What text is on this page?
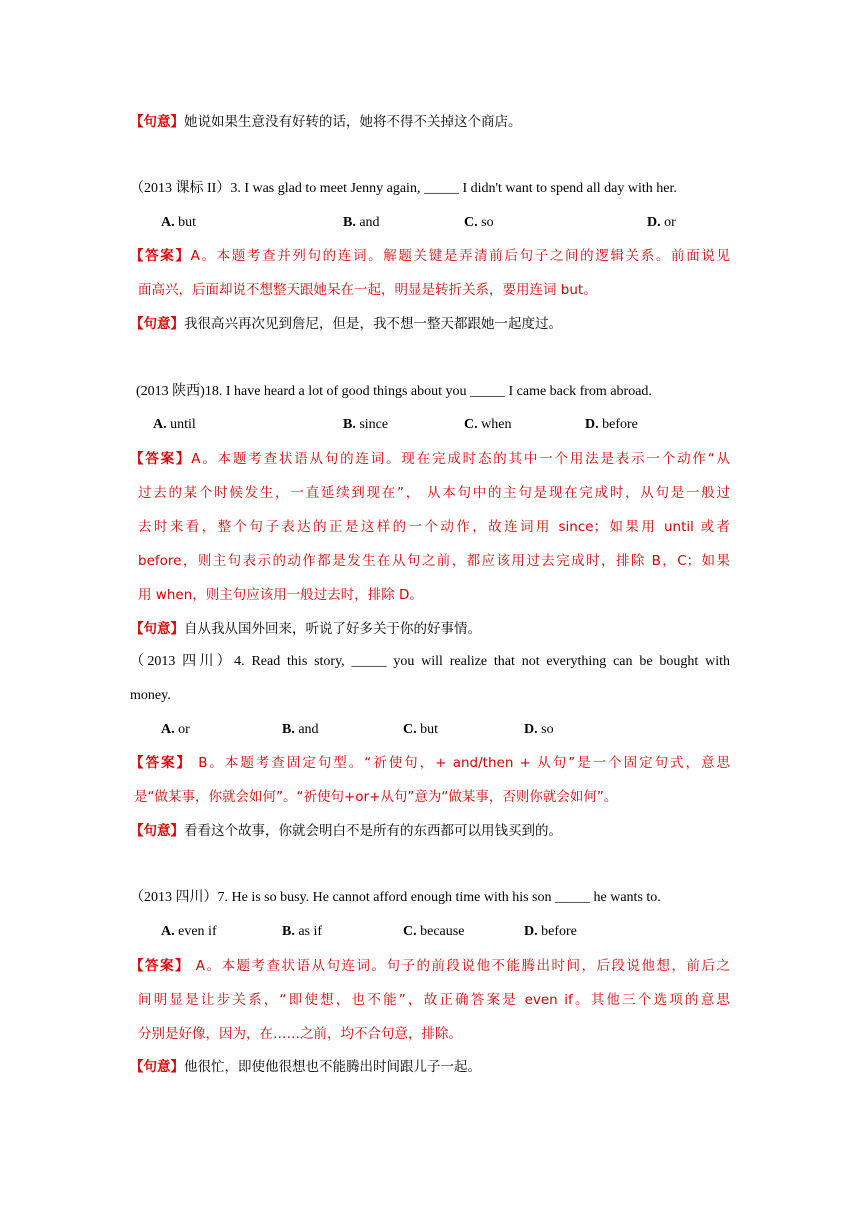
【句意】她说如果生意没有好转的话，她将不得不关掉这个商店。
（2013 课标 II）3. I was glad to meet Jenny again, _____ I didn't want to spend all day with her.
A. but	B. and	C. so	D. or
【答案】A。本题考查并列句的连词。解题关键是弄清前后句子之间的逻辑关系。前面说见
面高兴，后面却说不想整天跟她呆在一起，明显是转折关系，要用连词 but。
【句意】我很高兴再次见到詹尼，但是，我不想一整天都跟她一起度过。
(2013 陕西)18. I have heard a lot of good things about you _____ I came back from abroad.
A. until	B. since	C. when	D. before
【答案】A。本题考查状语从句的连词。现在完成时态的其中一个用法是表示一个动作“从
过去的某个时候发生，一直延续到现在”， 从本句中的主句是现在完成时，从句是一般过
去时来看，整个句子表达的正是这样的一个动作，故连词用 since；如果用 until 或者
before，则主句表示的动作都是发生在从句之前，都应该用过去完成时，排除 B，C；如果
用 when，则主句应该用一般过去时，排除 D。
【句意】自从我从国外回来，听说了好多关于你的好事情。
（2013 四川）4. Read this story, _____ you will realize that not everything can be bought with
money.
A. or	B. and	C. but	D. so
【答案】 B。本题考查固定句型。“祈使句，+ and/then + 从句”是一个固定句式，意思
是“做某事，你就会如何”。“祈使句+or+从句”意为“做某事，否则你就会如何”。
【句意】看看这个故事，你就会明白不是所有的东西都可以用钱买到的。
（2013 四川）7. He is so busy. He cannot afford enough time with his son _____ he wants to.
A. even if	B. as if	C. because	D. before
【答案】 A。本题考查状语从句连词。句子的前段说他不能腾出时间，后段说他想，前后之
间明显是让步关系，“即使想，也不能”，故正确答案是 even if。其他三个选项的意思
分别是好像，因为，在……之前，均不合句意，排除。
【句意】他很忙，即使他很想也不能腾出时间跟儿子一起。
